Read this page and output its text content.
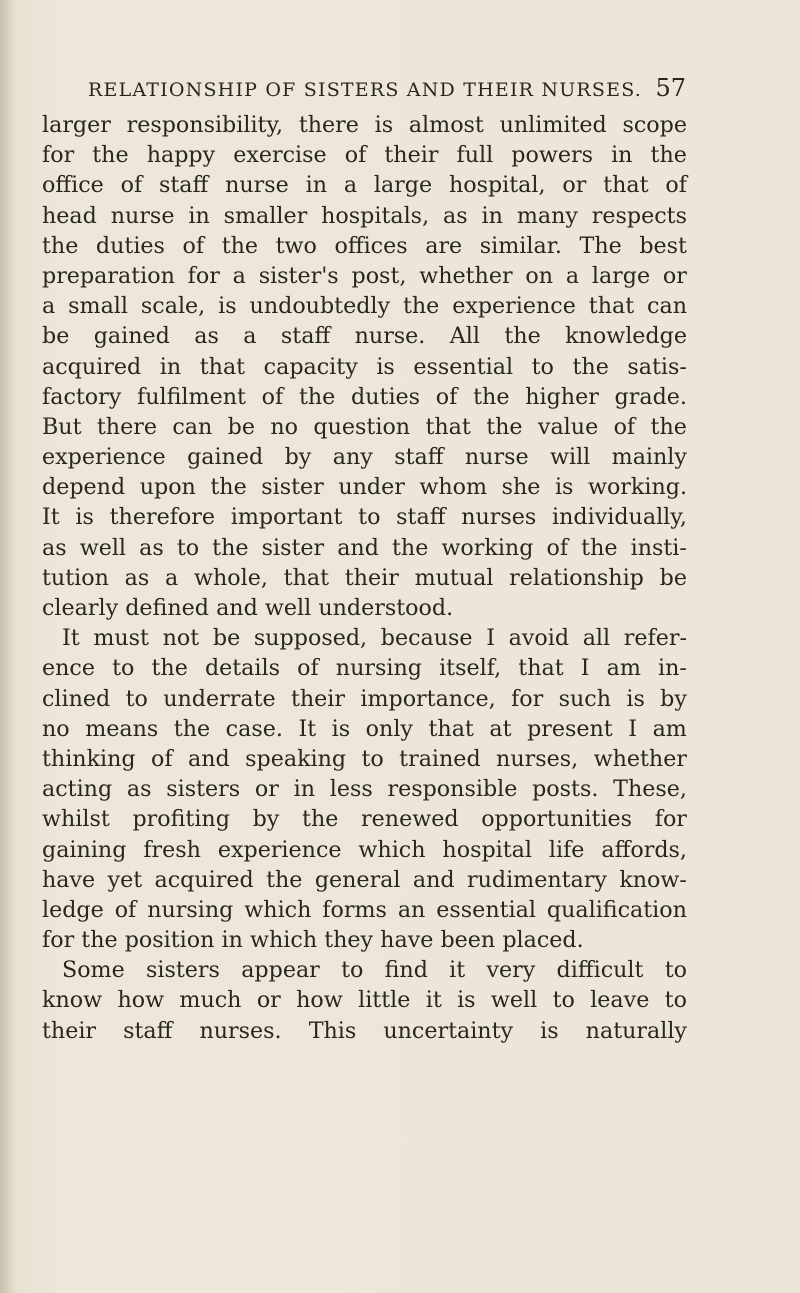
RELATIONSHIP OF SISTERS AND THEIR NURSES. 57
larger responsibility, there is almost unlimited scope
for the happy exercise of their full powers in the
office of staff nurse in a large hospital, or that of
head nurse in smaller hospitals, as in many respects
the duties of the two offices are similar. The best
preparation for a sister's post, whether on a large or
a small scale, is undoubtedly the experience that can
be gained as a staff nurse. All the knowledge
acquired in that capacity is essential to the satis-
factory fulfilment of the duties of the higher grade.
But there can be no question that the value of the
experience gained by any staff nurse will mainly
depend upon the sister under whom she is working.
It is therefore important to staff nurses individually,
as well as to the sister and the working of the insti-
tution as a whole, that their mutual relationship be
clearly defined and well understood.
It must not be supposed, because I avoid all refer-
ence to the details of nursing itself, that I am in-
clined to underrate their importance, for such is by
no means the case. It is only that at present I am
thinking of and speaking to trained nurses, whether
acting as sisters or in less responsible posts. These,
whilst profiting by the renewed opportunities for
gaining fresh experience which hospital life affords,
have yet acquired the general and rudimentary know-
ledge of nursing which forms an essential qualification
for the position in which they have been placed.
Some sisters appear to find it very difficult to
know how much or how little it is well to leave to
their staff nurses. This uncertainty is naturally
